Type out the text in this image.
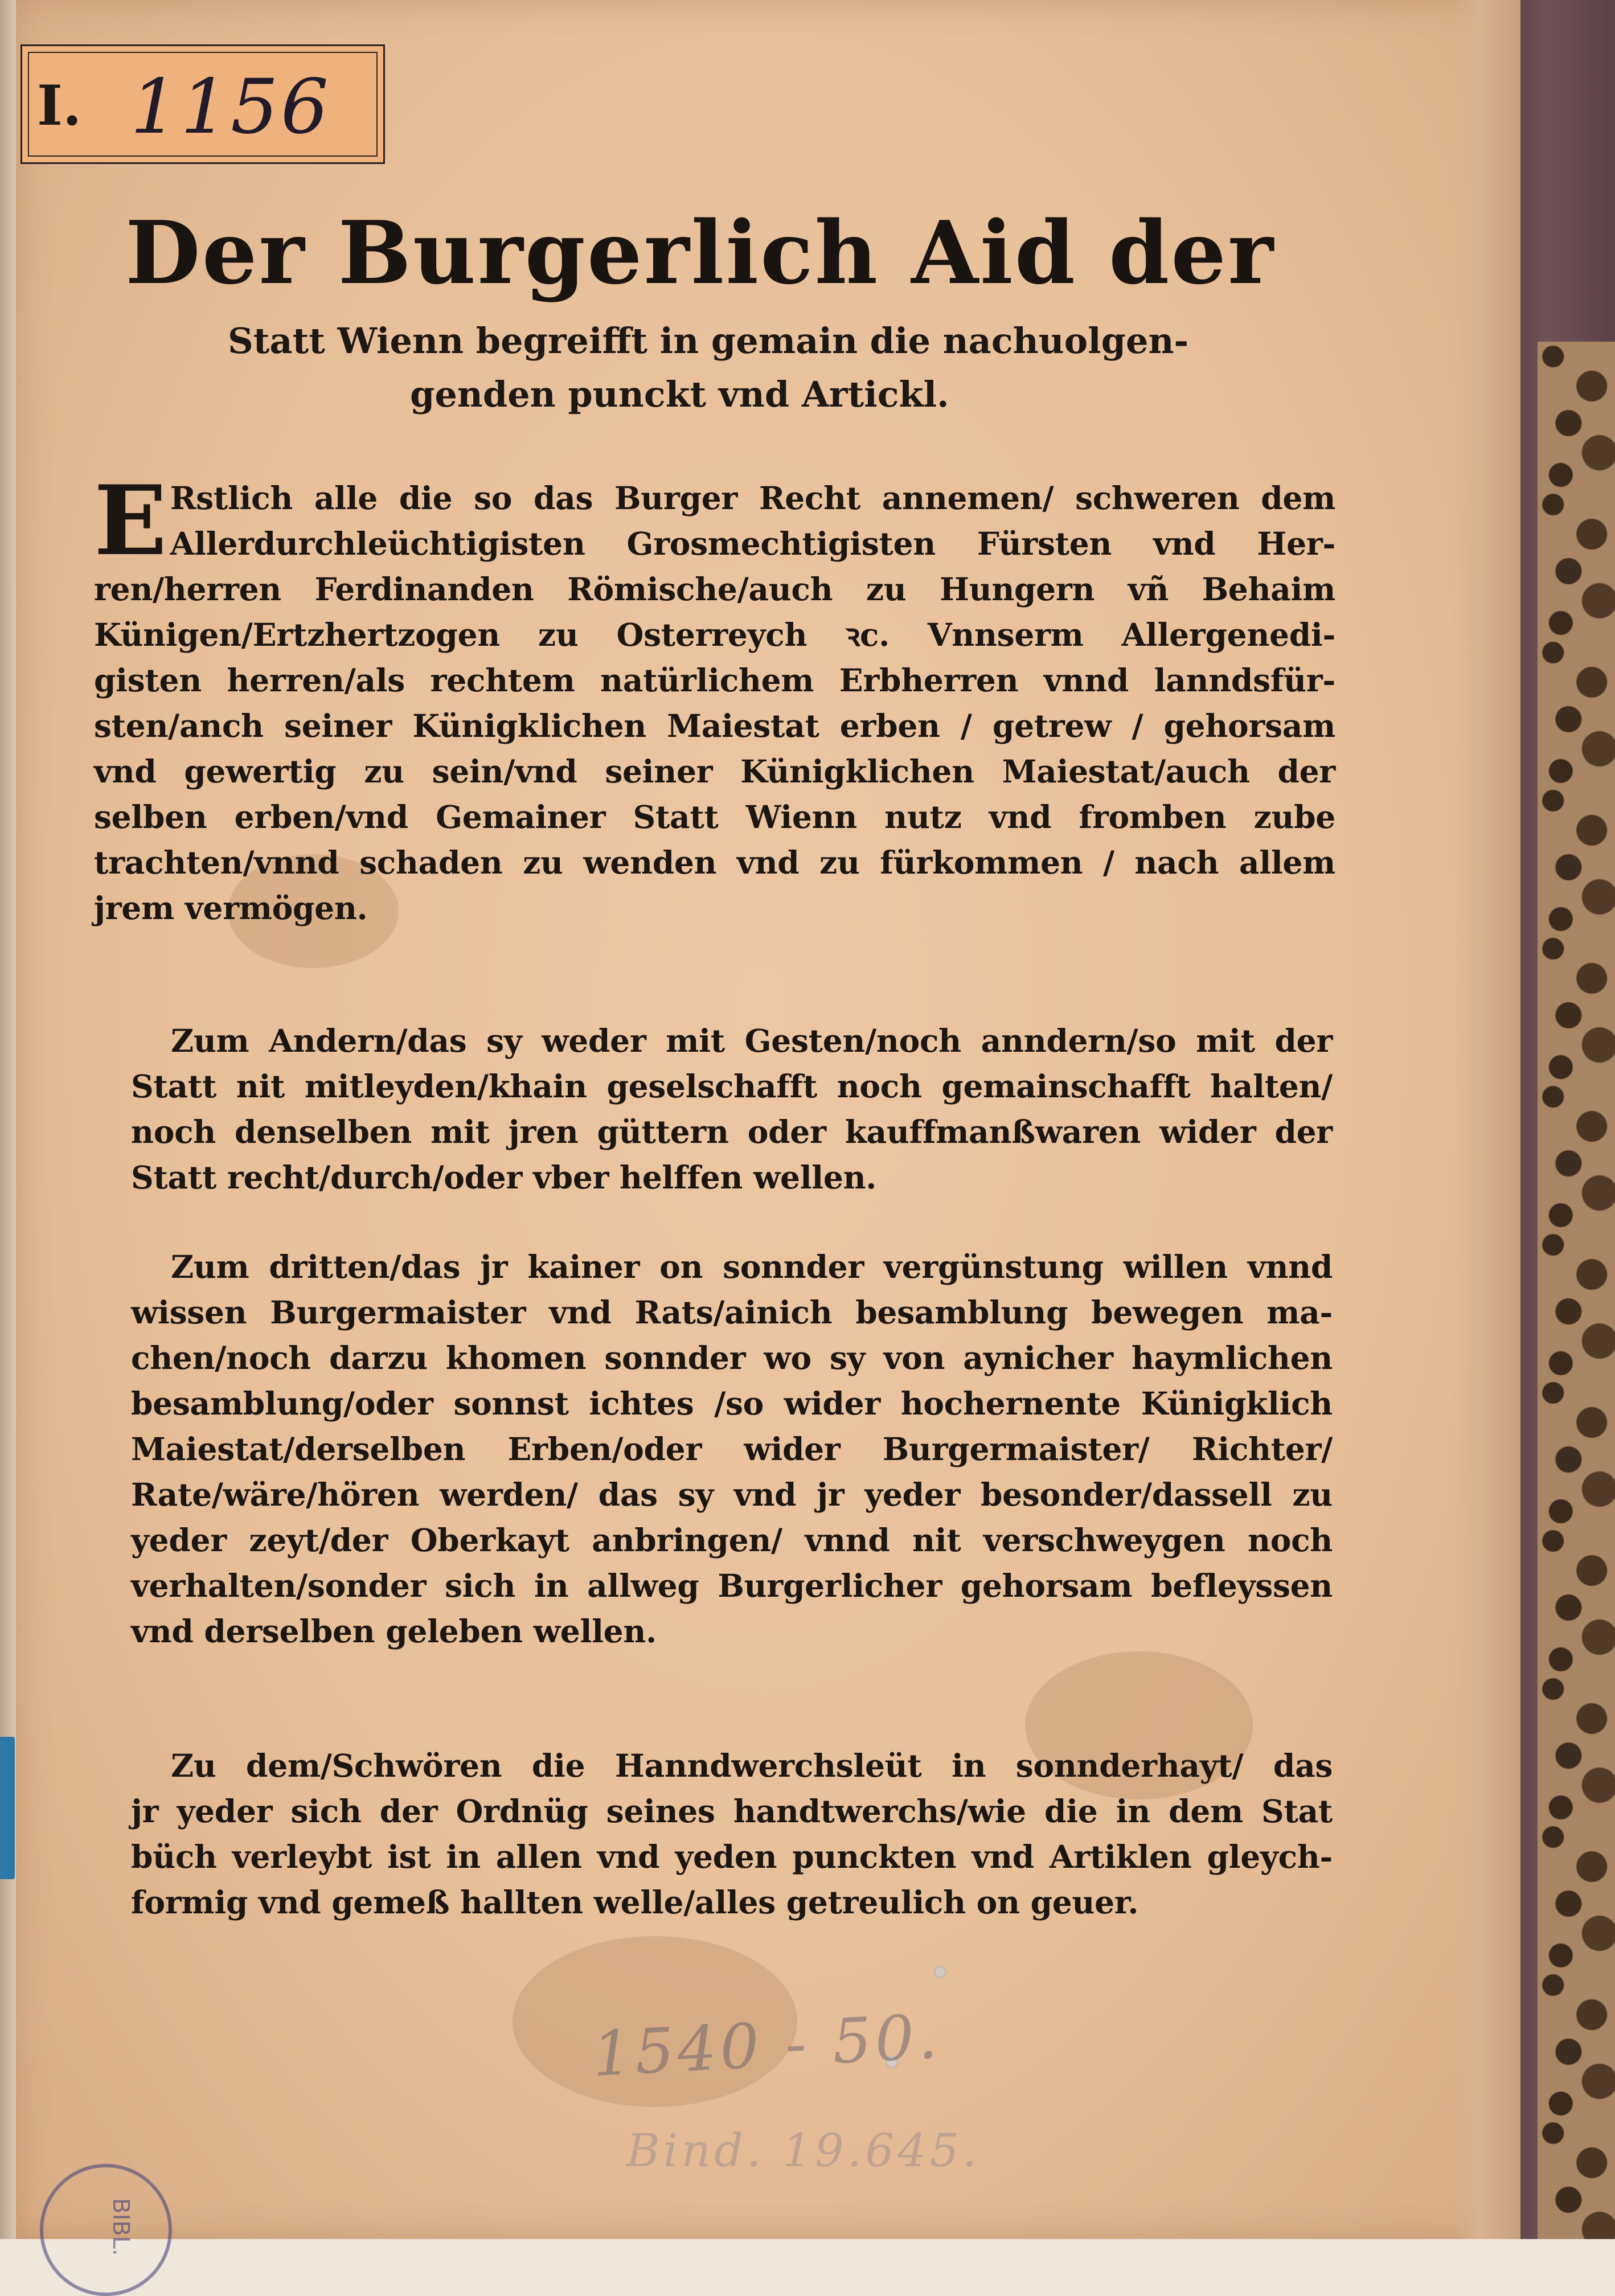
I. 1156
Der Burgerlich Aid der
Statt Wienn begreifft in gemain die nachuolgen-
genden punckt vnd Artickl.
E Rstlich alle die so das Burger Recht annemen/ schweren dem
Allerdurchleüchtigisten Grosmechtigisten Fürsten vnd Her-
ren/herren Ferdinanden Römische/auch zu Hungern vñ Behaim
Künigen/Ertzhertzogen zu Osterreych ꝛc. Vnnserm Allergenedi-
gisten herren/als rechtem natürlichem Erbherren vnnd lanndsfür-
sten/anch seiner Künigklichen Maiestat erben / getrew / gehorsam
vnd gewertig zu sein/vnd seiner Künigklichen Maiestat/auch der
selben erben/vnd Gemainer Statt Wienn nutz vnd fromben zube
trachten/vnnd schaden zu wenden vnd zu fürkommen / nach allem
jrem vermögen.
Zum Andern/das sy weder mit Gesten/noch anndern/so mit der
Statt nit mitleyden/khain geselschafft noch gemainschafft halten/
noch denselben mit jren güttern oder kauffmanßwaren wider der
Statt recht/durch/oder vber helffen wellen.
Zum dritten/das jr kainer on sonnder vergünstung willen vnnd
wissen Burgermaister vnd Rats/ainich besamblung bewegen ma-
chen/noch darzu khomen sonnder wo sy von aynicher haymlichen
besamblung/oder sonnst ichtes /so wider hochernente Künigklich
Maiestat/derselben Erben/oder wider Burgermaister/ Richter/
Rate/wäre/hören werden/ das sy vnd jr yeder besonder/dassell zu
yeder zeyt/der Oberkayt anbringen/ vnnd nit verschweygen noch
verhalten/sonder sich in allweg Burgerlicher gehorsam befleyssen
vnd derselben geleben wellen.
Zu dem/Schwören die Hanndwerchsleüt in sonnderhayt/ das
jr yeder sich der Ordnüg seines handtwerchs/wie die in dem Stat
büch verleybt ist in allen vnd yeden punckten vnd Artiklen gleych-
formig vnd gemeß hallten welle/alles getreulich on geuer.
1540 - 50.
Bind. 19.645.
BIBL.
